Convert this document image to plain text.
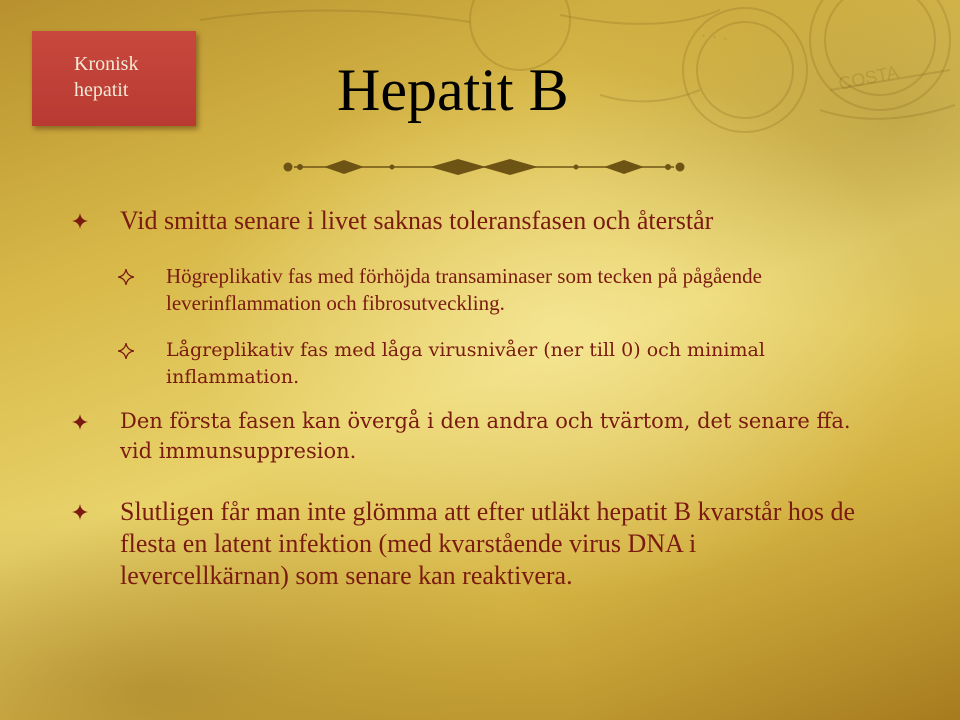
COSTA
· · ·
Kronisk
hepatit	Hepatit B
Vid smitta senare i livet saknas toleransfasen och återstår
Högreplikativ fas med förhöjda transaminaser som tecken på pågående leverinflammation och fibrosutveckling.
Lågreplikativ fas med låga virusnivåer (ner till 0) och minimal inflammation.
Den första fasen kan övergå i den andra och tvärtom, det senare ffa. vid immunsuppresion.
Slutligen får man inte glömma att efter utläkt hepatit B kvarstår hos de flesta en latent infektion (med kvarstående virus DNA i levercellkärnan) som senare kan reaktivera.
